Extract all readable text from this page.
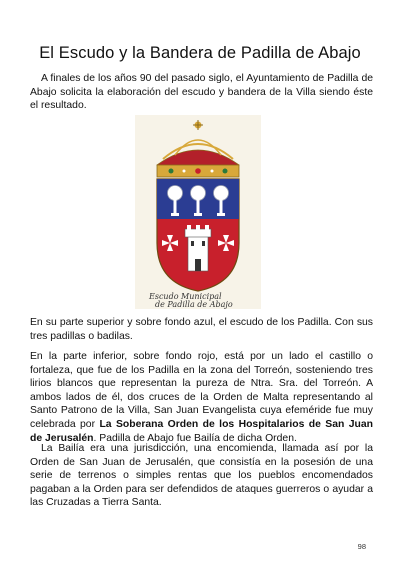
El Escudo y la Bandera de Padilla de Abajo

A finales de los años 90 del pasado siglo, el Ayuntamiento de Padilla de Abajo solicita la elaboración del escudo y bandera de la Villa siendo éste el resultado.

Escudo Municipal
de Padilla de Abajo

En su parte superior y sobre fondo azul, el escudo de los Padilla. Con sus tres padillas o badilas.

En la parte inferior, sobre fondo rojo, está por un lado el castillo o fortaleza, que fue de los Padilla en la zona del Torreón, sosteniendo tres lirios blancos que representan la pureza de Ntra. Sra. del Torreón. A ambos lados de él, dos cruces de la Orden de Malta representando al Santo Patrono de la Villa, San Juan Evangelista cuya efeméride fue muy celebrada por La Soberana Orden de los Hospitalarios de San Juan de Jerusalén. Padilla de Abajo fue Bailía de dicha Orden.

La Bailía era una jurisdicción, una encomienda, llamada así por la Orden de San Juan de Jerusalén, que consistía en la posesión de una serie de terrenos o simples rentas que los pueblos encomendados pagaban a la Orden para ser defendidos de ataques guerreros o ayudar a las Cruzadas a Tierra Santa.

98
